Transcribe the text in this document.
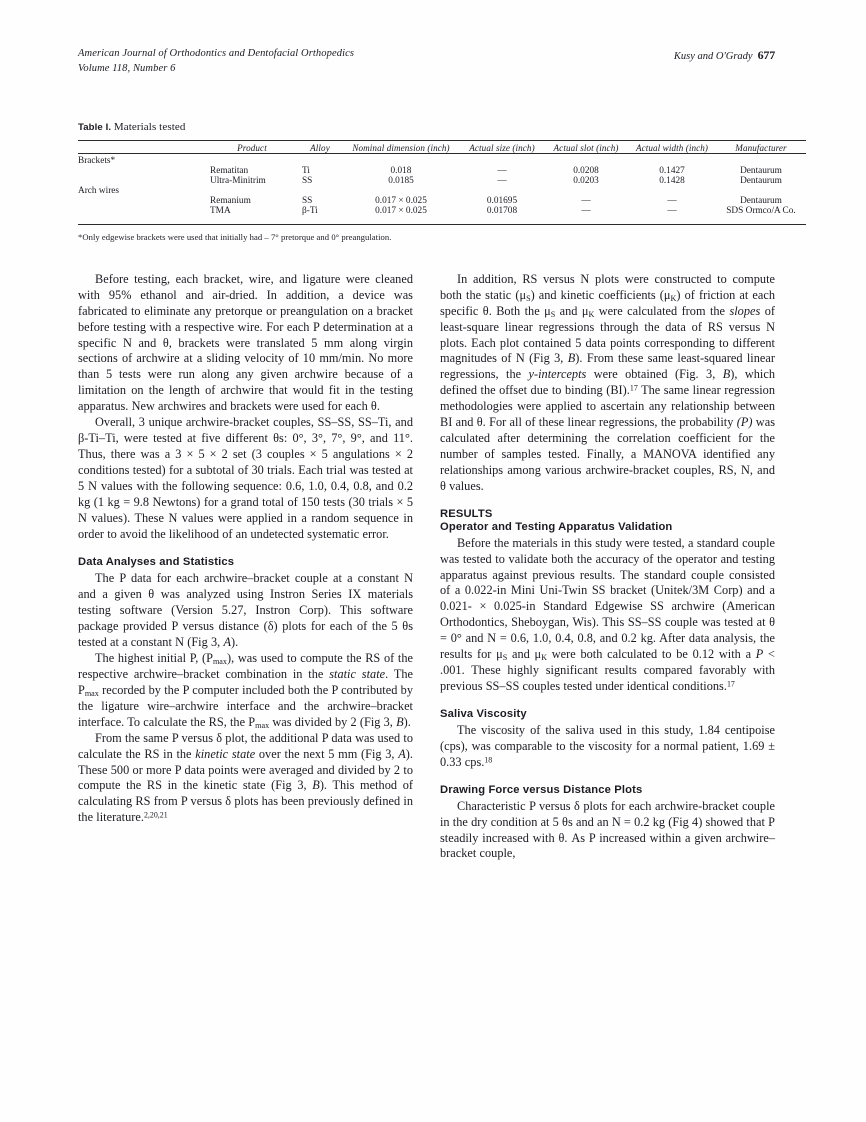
American Journal of Orthodontics and Dentofacial Orthopedics
Volume 118, Number 6
Kusy and O'Grady 677
Table I. Materials tested

	Product	Alloy	Nominal dimension (inch)	Actual size (inch)	Actual slot (inch)	Actual width (inch)	Manufacturer

Brackets*							
	Rematitan	Ti	0.018	—	0.0208	0.1427	Dentaurum
	Ultra-Minitrim	SS	0.0185	—	0.0203	0.1428	Dentaurum
Arch wires							
	Remanium	SS	0.017 × 0.025	0.01695	—	—	Dentaurum
	TMA	β-Ti	0.017 × 0.025	0.01708	—	—	SDS Ormco/A Co.

*Only edgewise brackets were used that initially had – 7° pretorque and 0° preangulation.

Before testing, each bracket, wire, and ligature were cleaned with 95% ethanol and air-dried. In addition, a device was fabricated to eliminate any pretorque or preangulation on a bracket before testing with a respective wire. For each P determination at a specific N and θ, brackets were translated 5 mm along virgin sections of archwire at a sliding velocity of 10 mm/min. No more than 5 tests were run along any given archwire because of a limitation on the length of archwire that would fit in the testing apparatus. New archwires and brackets were used for each θ.

Overall, 3 unique archwire-bracket couples, SS–SS, SS–Ti, and β-Ti–Ti, were tested at five different θs: 0°, 3°, 7°, 9°, and 11°. Thus, there was a 3 × 5 × 2 set (3 couples × 5 angulations × 2 conditions tested) for a subtotal of 30 trials. Each trial was tested at 5 N values with the following sequence: 0.6, 1.0, 0.4, 0.8, and 0.2 kg (1 kg = 9.8 Newtons) for a grand total of 150 tests (30 trials × 5 N values). These N values were applied in a random sequence in order to avoid the likelihood of an undetected systematic error.

Data Analyses and Statistics

The P data for each archwire–bracket couple at a constant N and a given θ was analyzed using Instron Series IX materials testing software (Version 5.27, Instron Corp). This software package provided P versus distance (δ) plots for each of the 5 θs tested at a constant N (Fig 3, A).

The highest initial P, $(P_{max})$, was used to compute the RS of the respective archwire–bracket combination in the static state. The $P_{max}$ recorded by the P computer included both the P contributed by the ligature wire–archwire interface and the archwire–bracket interface. To calculate the RS, the $P_{max}$ was divided by 2 (Fig 3, B).

From the same P versus δ plot, the additional P data was used to calculate the RS in the kinetic state over the next 5 mm (Fig 3, A). These 500 or more P data points were averaged and divided by 2 to compute the RS in the kinetic state (Fig 3, B). This method of calculating RS from P versus δ plots has been previously defined in the literature.$^{2,20,21}$

In addition, RS versus N plots were constructed to compute both the static $(\mu_S)$ and kinetic coefficients $(\mu_K)$ of friction at each specific θ. Both the $\mu_S$ and $\mu_K$ were calculated from the slopes of least-square linear regressions through the data of RS versus N plots. Each plot contained 5 data points corresponding to different magnitudes of N (Fig 3, B). From these same least-squared linear regressions, the y-intercepts were obtained (Fig. 3, B), which defined the offset due to binding (BI).$^{17}$ The same linear regression methodologies were applied to ascertain any relationship between BI and θ. For all of these linear regressions, the probability (P) was calculated after determining the correlation coefficient for the number of samples tested. Finally, a MANOVA identified any relationships among various archwire-bracket couples, RS, N, and θ values.

RESULTS
Operator and Testing Apparatus Validation

Before the materials in this study were tested, a standard couple was tested to validate both the accuracy of the operator and testing apparatus against previous results. The standard couple consisted of a 0.022-in Mini Uni-Twin SS bracket (Unitek/3M Corp) and a 0.021- × 0.025-in Standard Edgewise SS archwire (American Orthodontics, Sheboygan, Wis). This SS–SS couple was tested at θ = 0° and N = 0.6, 1.0, 0.4, 0.8, and 0.2 kg. After data analysis, the results for $\mu_S$ and $\mu_K$ were both calculated to be 0.12 with a P < .001. These highly significant results compared favorably with previous SS–SS couples tested under identical conditions.$^{17}$

Saliva Viscosity

The viscosity of the saliva used in this study, 1.84 centipoise (cps), was comparable to the viscosity for a normal patient, 1.69 ± 0.33 cps.$^{18}$

Drawing Force versus Distance Plots

Characteristic P versus δ plots for each archwire-bracket couple in the dry condition at 5 θs and an N = 0.2 kg (Fig 4) showed that P steadily increased with θ. As P increased within a given archwire–bracket couple,
